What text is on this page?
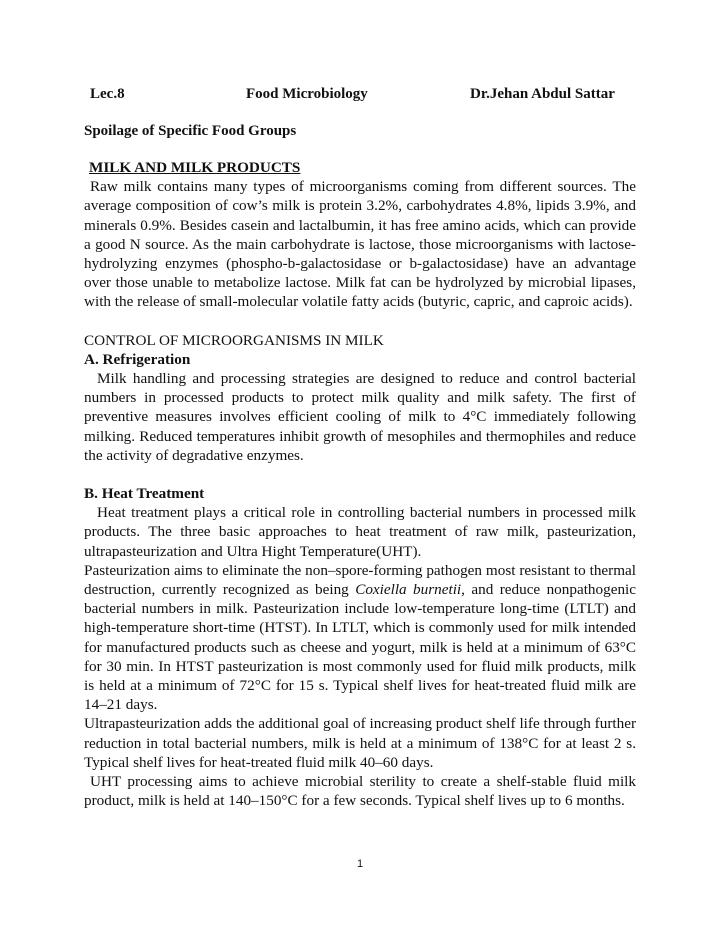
Lec.8	Food Microbiology	Dr.Jehan Abdul Sattar
Spoilage of Specific Food Groups

MILK AND MILK PRODUCTS

Raw milk contains many types of microorganisms coming from different sources. The average composition of cow’s milk is protein 3.2%, carbohydrates 4.8%, lipids 3.9%, and minerals 0.9%. Besides casein and lactalbumin, it has free amino acids, which can provide a good N source. As the main carbohydrate is lactose, those microorganisms with lactose-hydrolyzing enzymes (phospho-b-galactosidase or b-galactosidase) have an advantage over those unable to metabolize lactose. Milk fat can be hydrolyzed by microbial lipases, with the release of small-molecular volatile fatty acids (butyric, capric, and caproic acids).

CONTROL OF MICROORGANISMS IN MILK

A. Refrigeration

Milk handling and processing strategies are designed to reduce and control bacterial numbers in processed products to protect milk quality and milk safety. The first of preventive measures involves efficient cooling of milk to 4°C immediately following milking. Reduced temperatures inhibit growth of mesophiles and thermophiles and reduce the activity of degradative enzymes.

B. Heat Treatment

Heat treatment plays a critical role in controlling bacterial numbers in processed milk products. The three basic approaches to heat treatment of raw milk, pasteurization, ultrapasteurization and Ultra Hight Temperature(UHT).

Pasteurization aims to eliminate the non–spore-forming pathogen most resistant to thermal destruction, currently recognized as being Coxiella burnetii, and reduce nonpathogenic bacterial numbers in milk. Pasteurization include low-temperature long-time (LTLT) and high-temperature short-time (HTST). In LTLT, which is commonly used for milk intended for manufactured products such as cheese and yogurt, milk is held at a minimum of 63°C for 30 min. In HTST pasteurization is most commonly used for fluid milk products, milk is held at a minimum of 72°C for 15 s. Typical shelf lives for heat-treated fluid milk are 14–21 days.

Ultrapasteurization adds the additional goal of increasing product shelf life through further reduction in total bacterial numbers, milk is held at a minimum of 138°C for at least 2 s. Typical shelf lives for heat-treated fluid milk 40–60 days.

UHT processing aims to achieve microbial sterility to create a shelf-stable fluid milk product, milk is held at 140–150°C for a few seconds. Typical shelf lives up to 6 months.

1
